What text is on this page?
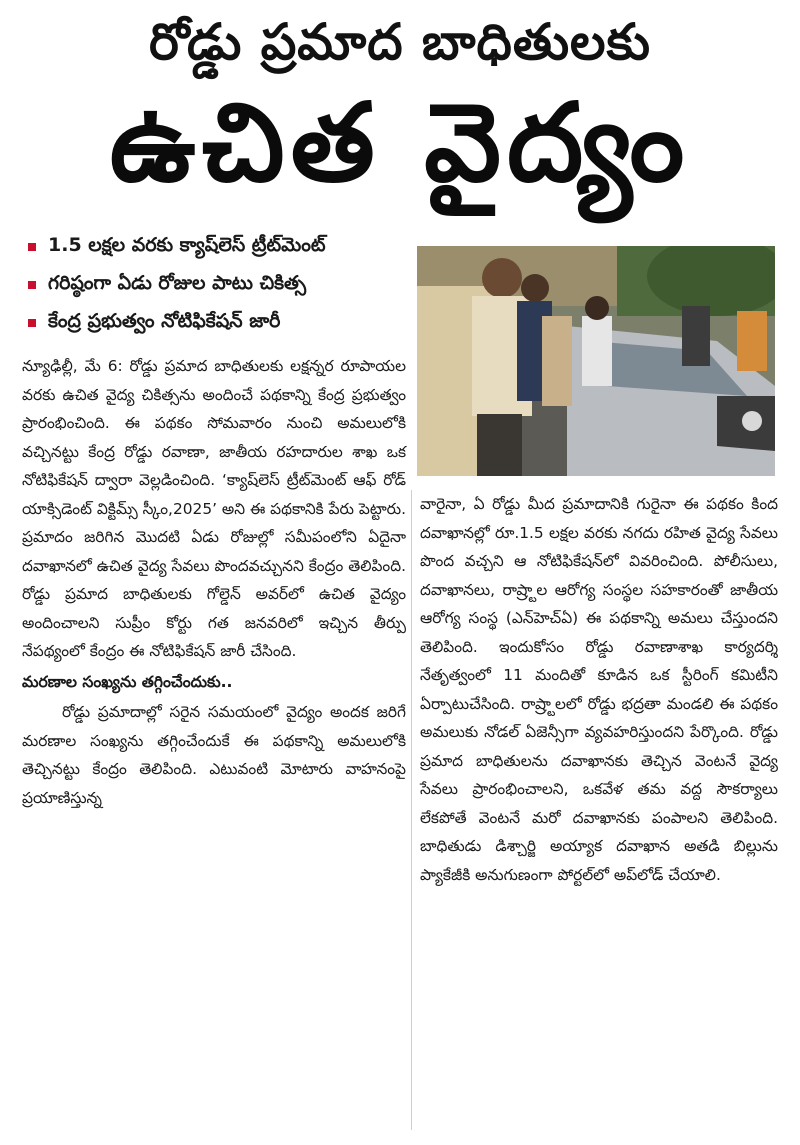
రోడ్డు ప్రమాద బాధితులకు
ఉచిత వైద్యం
1.5 లక్షల వరకు క్యాష్‌లెస్ ట్రీట్‌మెంట్
గరిష్ఠంగా ఏడు రోజుల పాటు చికిత్స
కేంద్ర ప్రభుత్వం నోటిఫికేషన్ జారీ

న్యూఢిల్లీ, మే 6: రోడ్డు ప్రమాద బాధితులకు లక్షన్నర రూపాయల వరకు ఉచిత వైద్య చికిత్సను అందించే పథకాన్ని కేంద్ర ప్రభుత్వం ప్రారంభించింది. ఈ పథకం సోమవారం నుంచి అమలులోకి వచ్చినట్టు కేంద్ర రోడ్డు రవాణా, జాతీయ రహదారుల శాఖ ఒక నోటిఫికేషన్ ద్వారా వెల్లడించింది. ‘క్యాష్‌లెస్ ట్రీట్‌మెంట్ ఆఫ్ రోడ్ యాక్సిడెంట్ విక్టిమ్స్ స్కీం,2025’ అని ఈ పథకానికి పేరు పెట్టారు. ప్రమాదం జరిగిన మొదటి ఏడు రోజుల్లో సమీపంలోని ఏదైనా దవాఖానలో ఉచిత వైద్య సేవలు పొందవచ్చునని కేంద్రం తెలిపింది. రోడ్డు ప్రమాద బాధితులకు గోల్డెన్ అవర్‌లో ఉచిత వైద్యం అందించాలని సుప్రీం కోర్టు గత జనవరిలో ఇచ్చిన తీర్పు నేపథ్యంలో కేంద్రం ఈ నోటిఫికేషన్ జారీ చేసింది.

మరణాల సంఖ్యను తగ్గించేందుకు..

రోడ్డు ప్రమాదాల్లో సరైన సమయంలో వైద్యం అందక జరిగే మరణాల సంఖ్యను తగ్గించేందుకే ఈ పథకాన్ని అమలులోకి తెచ్చినట్టు కేంద్రం తెలిపింది. ఎటువంటి మోటారు వాహనంపై ప్రయాణిస్తున్న

వారైనా, ఏ రోడ్డు మీద ప్రమాదానికి గురైనా ఈ పథకం కింద దవాఖానల్లో రూ.1.5 లక్షల వరకు నగదు రహిత వైద్య సేవలు పొంద వచ్చని ఆ నోటిఫికేషన్‌లో వివరించింది. పోలీసులు, దవాఖానలు, రాష్ర్టాల ఆరోగ్య సంస్థల సహకారంతో జాతీయ ఆరోగ్య సంస్థ (ఎన్‌హెచ్‌ఏ) ఈ పథకాన్ని అమలు చేస్తుందని తెలిపింది. ఇందుకోసం రోడ్డు రవాణాశాఖ కార్యదర్శి నేతృత్వంలో 11 మందితో కూడిన ఒక స్టీరింగ్ కమిటీని ఏర్పాటుచేసింది. రాష్ర్టాలలో రోడ్డు భద్రతా మండలి ఈ పథకం అమలుకు నోడల్ ఏజెన్సీగా వ్యవహరిస్తుందని పేర్కొంది. రోడ్డు ప్రమాద బాధితులను దవాఖానకు తెచ్చిన వెంటనే వైద్య సేవలు ప్రారంభించాలని, ఒకవేళ తమ వద్ద సౌకర్యాలు లేకపోతే వెంటనే మరో దవాఖానకు పంపాలని తెలిపింది. బాధితుడు డిశ్చార్జి అయ్యాక దవాఖాన అతడి బిల్లును ప్యాకేజీకి అనుగుణంగా పోర్టల్‌లో అప్‌లోడ్ చేయాలి.
